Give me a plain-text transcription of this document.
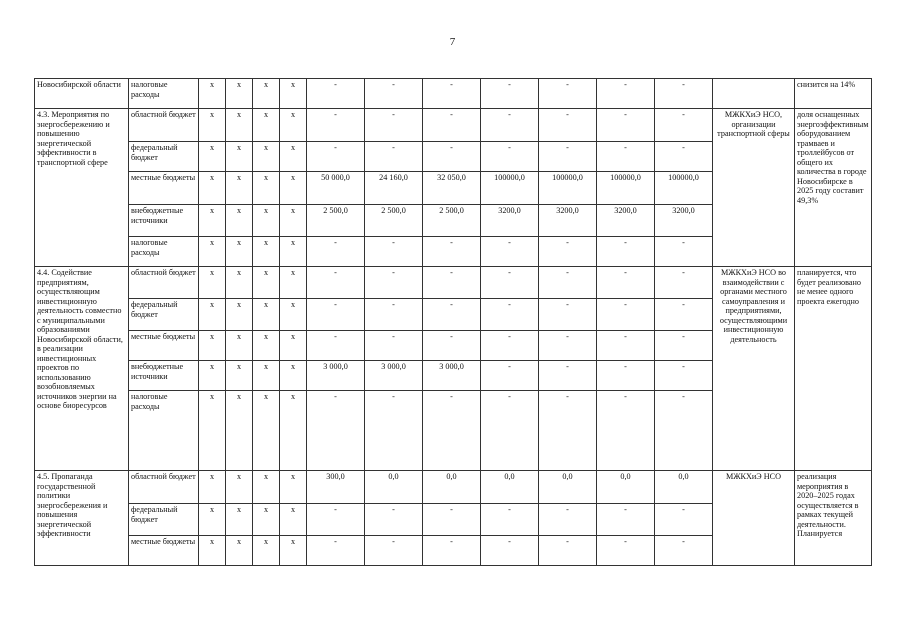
7
Новосибирской области	налоговые расходы	х	х	х	х	-	-	-	-	-	-	-		снизится на 14%
4.3. Мероприятия по энергосбережению и повышению энергетической эффективности в транспортной сфере	областной бюджет	х	х	х	х	-	-	-	-	-	-	-	МЖКХиЭ НСО, организации транспортной сферы	доля оснащенных энергоэффективным оборудованием трамваев и троллейбусов от общего их количества в городе Новосибирске в 2025 году составит 49,3%
	федеральный бюджет	х	х	х	х	-	-	-	-	-	-	-		
	местные бюджеты	х	х	х	х	50 000,0	24 160,0	32 050,0	100000,0	100000,0	100000,0	100000,0		
	внебюджетные источники	х	х	х	х	2 500,0	2 500,0	2 500,0	3200,0	3200,0	3200,0	3200,0		
	налоговые расходы	х	х	х	х	-	-	-	-	-	-	-		
4.4. Содействие предприятиям, осуществляющим инвестиционную деятельность совместно с муниципальными образованиями Новосибирской области, в реализации инвестиционных проектов по использованию возобновляемых источников энергии на основе биоресурсов	областной бюджет	х	х	х	х	-	-	-	-	-	-	-	МЖКХиЭ НСО во взаимодействии с органами местного самоуправления и предприятиями, осуществляющими инвестиционную деятельность	планируется, что будет реализовано не менее одного проекта ежегодно
	федеральный бюджет	х	х	х	х	-	-	-	-	-	-	-		
	местные бюджеты	х	х	х	х	-	-	-	-	-	-	-		
	внебюджетные источники	х	х	х	х	3 000,0	3 000,0	3 000,0	-	-	-	-		
	налоговые расходы	х	х	х	х	-	-	-	-	-	-	-		
4.5. Пропаганда государственной политики энергосбережения и повышения энергетической эффективности	областной бюджет	х	х	х	х	300,0	0,0	0,0	0,0	0,0	0,0	0,0	МЖКХиЭ НСО	реализация мероприятия в 2020–2025 годах осуществляется в рамках текущей деятельности. Планируется
	федеральный бюджет	х	х	х	х	-	-	-	-	-	-	-		
	местные бюджеты	х	х	х	х	-	-	-	-	-	-	-		
